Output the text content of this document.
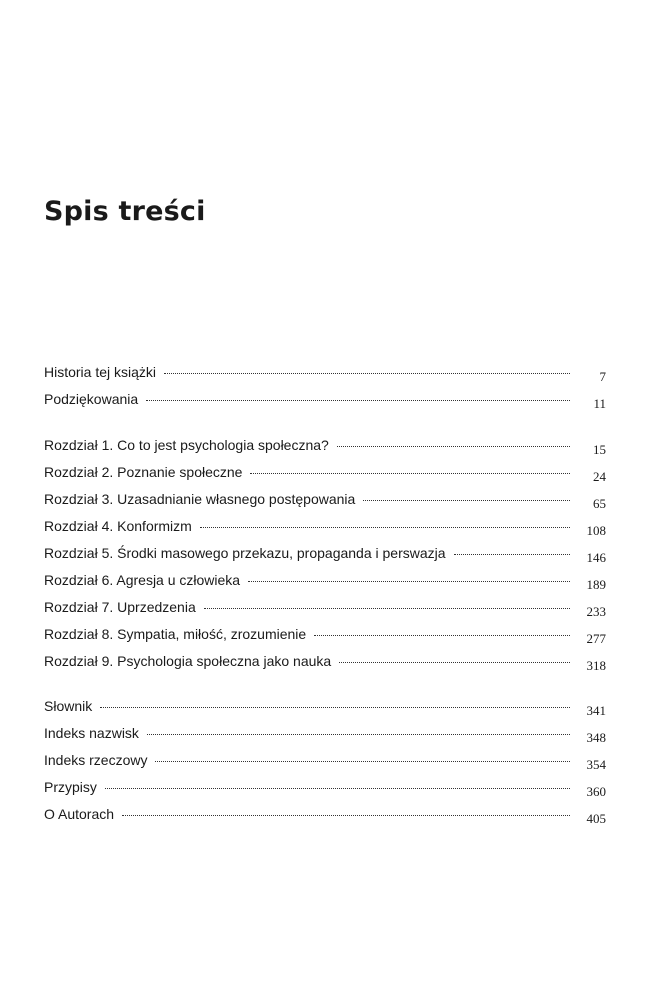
Spis treści
Historia tej książki	7
Podziękowania	11
Rozdział 1. Co to jest psychologia społeczna?	15
Rozdział 2. Poznanie społeczne	24
Rozdział 3. Uzasadnianie własnego postępowania	65
Rozdział 4. Konformizm	108
Rozdział 5. Środki masowego przekazu, propaganda i perswazja	146
Rozdział 6. Agresja u człowieka	189
Rozdział 7. Uprzedzenia	233
Rozdział 8. Sympatia, miłość, zrozumienie	277
Rozdział 9. Psychologia społeczna jako nauka	318
Słownik	341
Indeks nazwisk	348
Indeks rzeczowy	354
Przypisy	360
O Autorach	405
